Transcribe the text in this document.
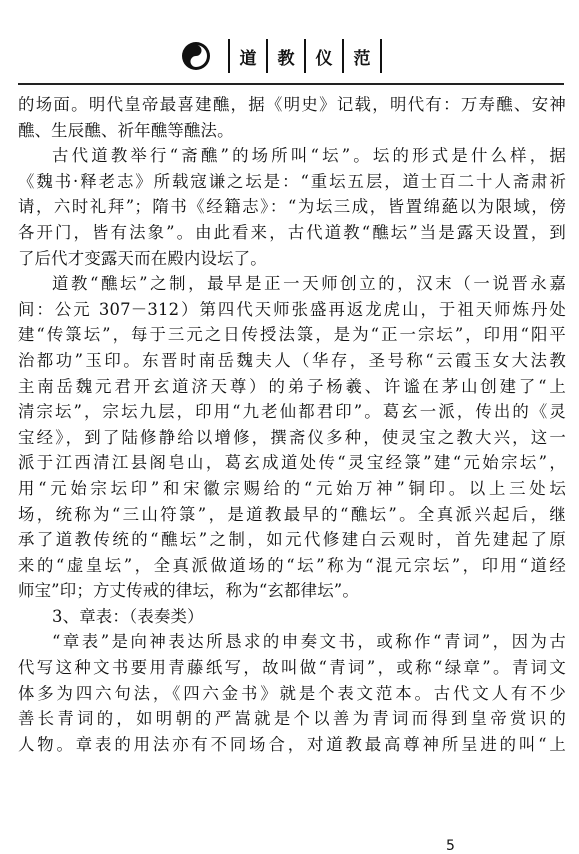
道 教 仪 范
的场面。明代皇帝最喜建醮，据《明史》记载，明代有：万寿醮、安神
醮、生辰醮、祈年醮等醮法。
古代道教举行“斋醮”的场所叫“坛”。坛的形式是什么样，据
《魏书·释老志》所载寇谦之坛是：“重坛五层，道士百二十人斋肃祈
请，六时礼拜”；隋书《经籍志》：“为坛三成，皆置绵蕝以为限域，傍
各开门，皆有法象”。由此看来，古代道教“醮坛”当是露天设置，到
了后代才变露天而在殿内设坛了。
道教“醮坛”之制，最早是正一天师创立的，汉末（一说晋永嘉
间：公元 307－312）第四代天师张盛再返龙虎山，于祖天师炼丹处
建“传箓坛”，每于三元之日传授法箓，是为“正一宗坛”，印用“阳平
治都功”玉印。东晋时南岳魏夫人（华存，圣号称“云霞玉女大法教
主南岳魏元君开玄道济天尊）的弟子杨羲、许谧在茅山创建了“上
清宗坛”，宗坛九层，印用“九老仙都君印”。葛玄一派，传出的《灵
宝经》，到了陆修静给以增修，撰斋仪多种，使灵宝之教大兴，这一
派于江西清江县阁皂山，葛玄成道处传“灵宝经箓”建“元始宗坛”，
用“元始宗坛印”和宋徽宗赐给的“元始万神”铜印。以上三处坛
场，统称为“三山符箓”，是道教最早的“醮坛”。全真派兴起后，继
承了道教传统的“醮坛”之制，如元代修建白云观时，首先建起了原
来的“虚皇坛”，全真派做道场的“坛”称为“混元宗坛”，印用“道经
师宝”印；方丈传戒的律坛，称为“玄都律坛”。
3、章表：（表奏类）
“章表”是向神表达所恳求的申奏文书，或称作“青词”，因为古
代写这种文书要用青藤纸写，故叫做“青词”，或称“绿章”。青词文
体多为四六句法，《四六金书》就是个表文范本。古代文人有不少
善长青词的，如明朝的严嵩就是个以善为青词而得到皇帝赏识的
人物。章表的用法亦有不同场合，对道教最高尊神所呈进的叫“上
5
